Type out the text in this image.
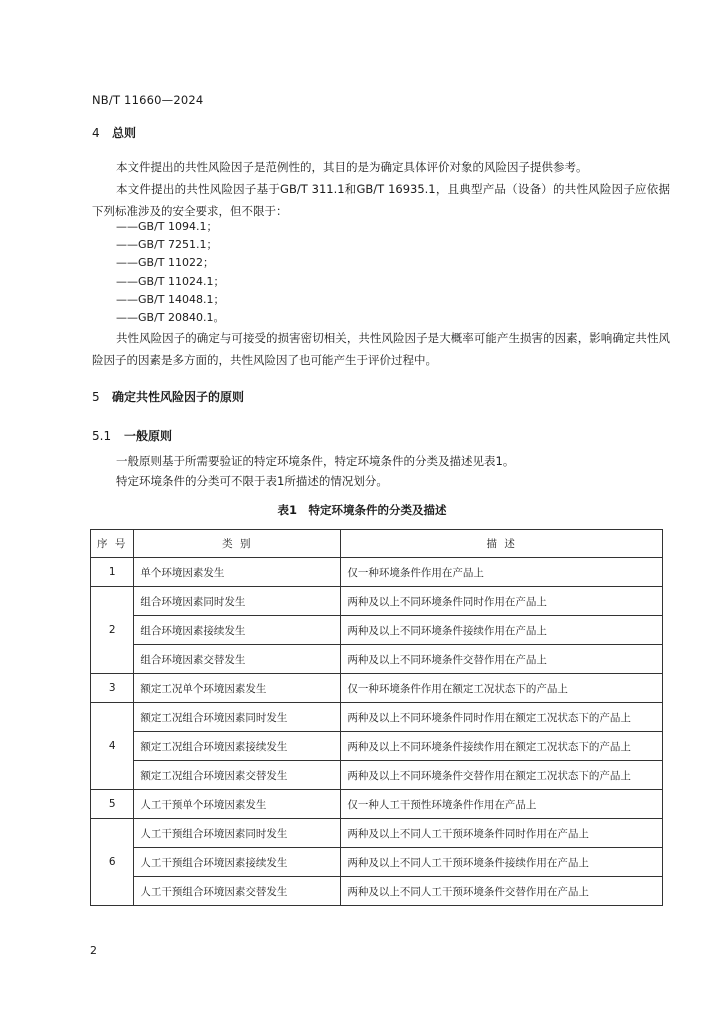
NB/T 11660—2024
4 总则
本文件提出的共性风险因子是范例性的，其目的是为确定具体评价对象的风险因子提供参考。
本文件提出的共性风险因子基于GB/T 311.1和GB/T 16935.1，且典型产品（设备）的共性风险因子应依据下列标准涉及的安全要求，但不限于：
——GB/T 1094.1；
——GB/T 7251.1；
——GB/T 11022；
——GB/T 11024.1；
——GB/T 14048.1；
——GB/T 20840.1。
共性风险因子的确定与可接受的损害密切相关，共性风险因子是大概率可能产生损害的因素，影响确定共性风险因子的因素是多方面的，共性风险因了也可能产生于评价过程中。
5 确定共性风险因子的原则
5.1 一般原则
一般原则基于所需要验证的特定环境条件，特定环境条件的分类及描述见表1。
特定环境条件的分类可不限于表1所描述的情况划分。
表1　特定环境条件的分类及描述
序 号	类 别	描 述
1	单个环境因素发生	仅一种环境条件作用在产品上
2	组合环境因素同时发生	两种及以上不同环境条件同时作用在产品上
	组合环境因素接续发生	两种及以上不同环境条件接续作用在产品上
	组合环境因素交替发生	两种及以上不同环境条件交替作用在产品上
3	额定工况单个环境因素发生	仅一种环境条件作用在额定工况状态下的产品上
4	额定工况组合环境因素同时发生	两种及以上不同环境条件同时作用在额定工况状态下的产品上
	额定工况组合环境因素接续发生	两种及以上不同环境条件接续作用在额定工况状态下的产品上
	额定工况组合环境因素交替发生	两种及以上不同环境条件交替作用在额定工况状态下的产品上
5	人工干预单个环境因素发生	仅一种人工干预性环境条件作用在产品上
6	人工干预组合环境因素同时发生	两种及以上不同人工干预环境条件同时作用在产品上
	人工干预组合环境因素接续发生	两种及以上不同人工干预环境条件接续作用在产品上
	人工干预组合环境因素交替发生	两种及以上不同人工干预环境条件交替作用在产品上
2
